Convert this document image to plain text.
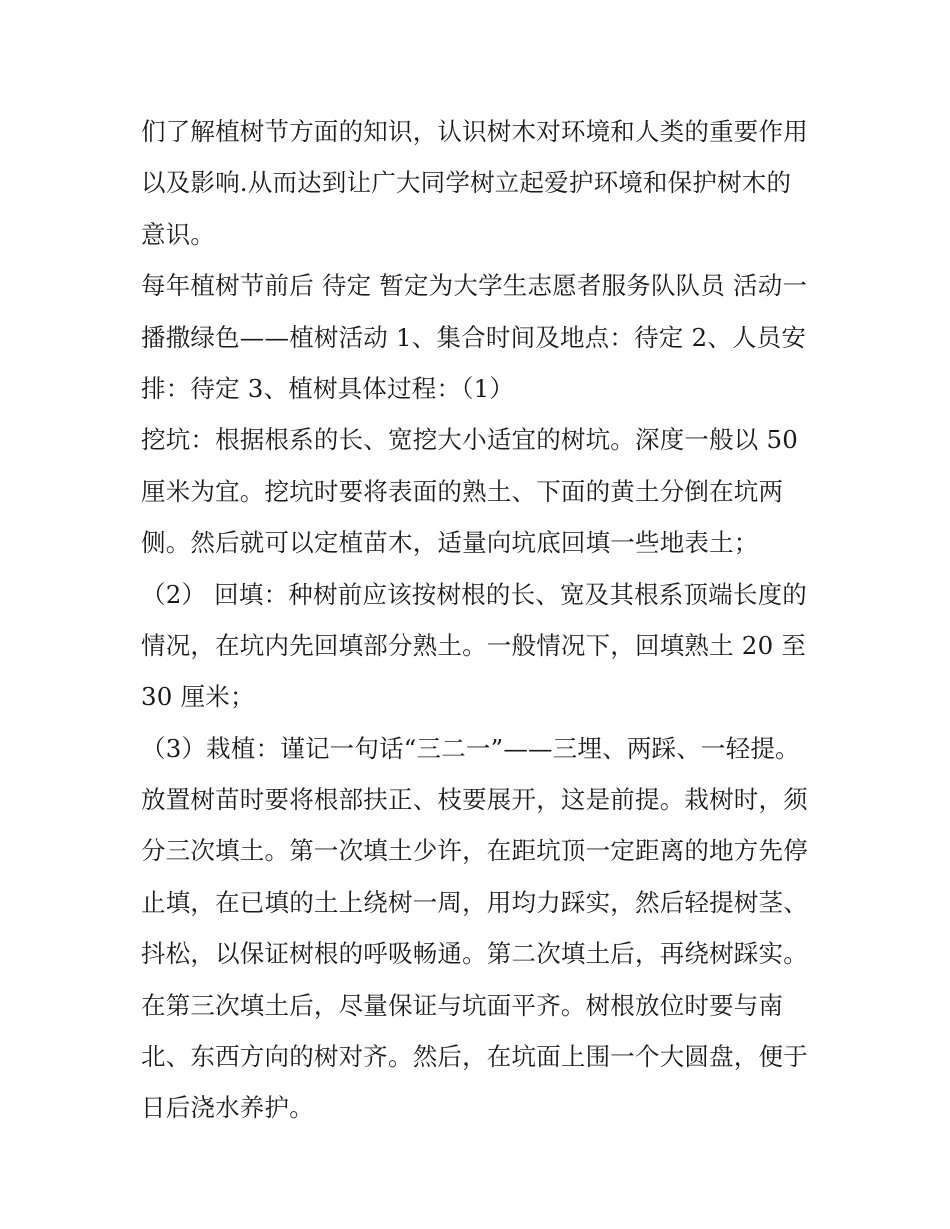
们了解植树节方面的知识，认识树木对环境和人类的重要作用
以及影响.从而达到让广大同学树立起爱护环境和保护树木的
意识。
每年植树节前后 待定 暂定为大学生志愿者服务队队员 活动一
播撒绿色——植树活动 1、集合时间及地点：待定 2、人员安
排：待定 3、植树具体过程：（1）
挖坑：根据根系的长、宽挖大小适宜的树坑。深度一般以 50
厘米为宜。挖坑时要将表面的熟土、下面的黄土分倒在坑两
侧。然后就可以定植苗木，适量向坑底回填一些地表土；
（2） 回填：种树前应该按树根的长、宽及其根系顶端长度的
情况，在坑内先回填部分熟土。一般情况下，回填熟土 20 至
30 厘米；
（3）栽植：谨记一句话“三二一”——三埋、两踩、一轻提。
放置树苗时要将根部扶正、枝要展开，这是前提。栽树时，须
分三次填土。第一次填土少许，在距坑顶一定距离的地方先停
止填，在已填的土上绕树一周，用均力踩实，然后轻提树茎、
抖松，以保证树根的呼吸畅通。第二次填土后，再绕树踩实。
在第三次填土后，尽量保证与坑面平齐。树根放位时要与南
北、东西方向的树对齐。然后，在坑面上围一个大圆盘，便于
日后浇水养护。
